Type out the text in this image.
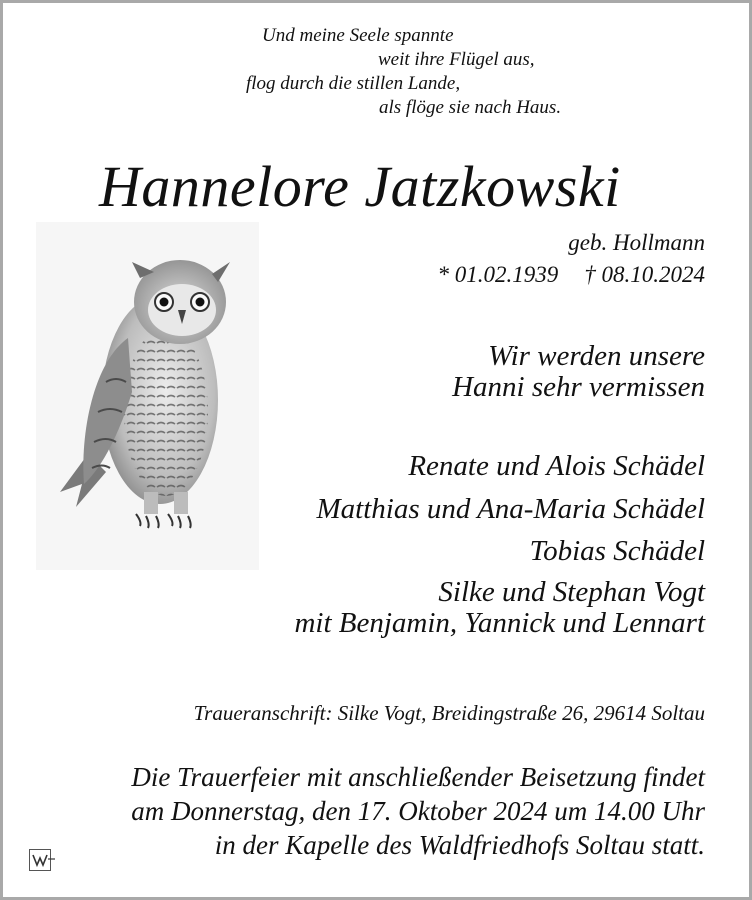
Und meine Seele spannte
weit ihre Flügel aus,
flog durch die stillen Lande,
als flöge sie nach Haus.
Hannelore Jatzkowski
geb. Hollmann
* 01.02.1939 † 08.10.2024
Wir werden unsere
Hanni sehr vermissen
Renate und Alois Schädel
Matthias und Ana-Maria Schädel
Tobias Schädel
Silke und Stephan Vogt
mit Benjamin, Yannick und Lennart
Traueranschrift: Silke Vogt, Breidingstraße 26, 29614 Soltau
Die Trauerfeier mit anschließender Beisetzung findet
am Donnerstag, den 17. Oktober 2024 um 14.00 Uhr
in der Kapelle des Waldfriedhofs Soltau statt.
